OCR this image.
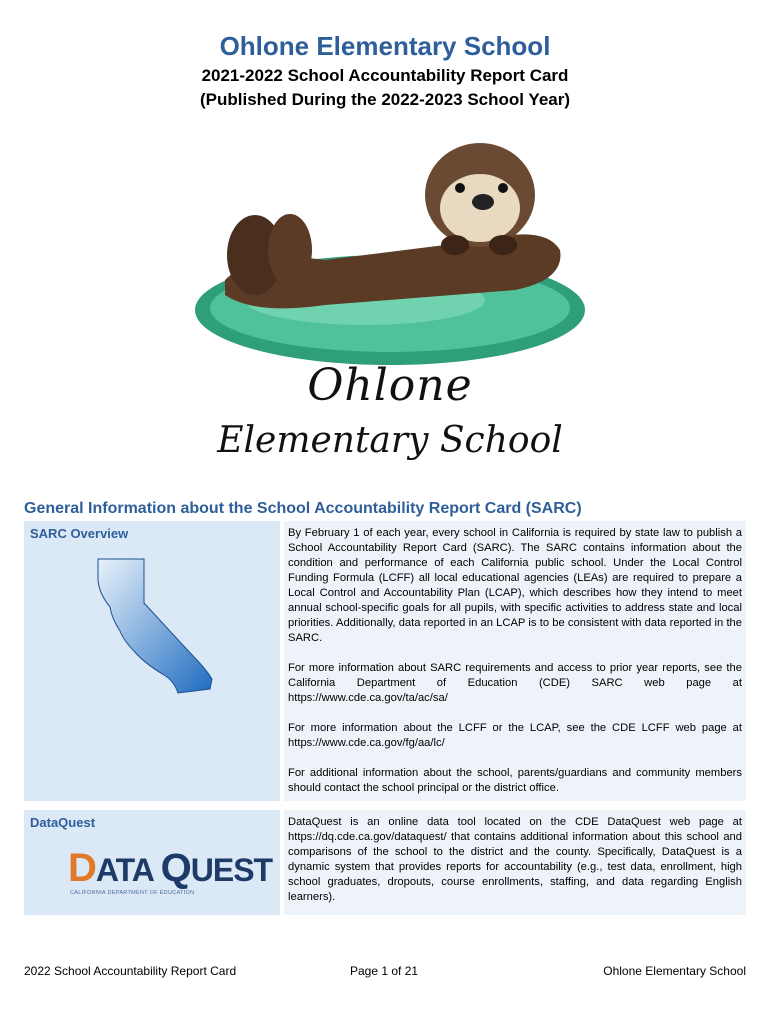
Ohlone Elementary School
2021-2022 School Accountability Report Card
(Published During the 2022-2023 School Year)
Ohlone
Elementary School
General Information about the School Accountability Report Card (SARC)
SARC Overview	By February 1 of each year, every school in California is required by state law to publish a School Accountability Report Card (SARC). The SARC contains information about the condition and performance of each California public school. Under the Local Control Funding Formula (LCFF) all local educational agencies (LEAs) are required to prepare a Local Control and Accountability Plan (LCAP), which describes how they intend to meet annual school-specific goals for all pupils, with specific activities to address state and local priorities. Additionally, data reported in an LCAP is to be consistent with data reported in the SARC.

For more information about SARC requirements and access to prior year reports, see the California Department of Education (CDE) SARC web page at https://www.cde.ca.gov/ta/ac/sa/

For more information about the LCFF or the LCAP, see the CDE LCFF web page at https://www.cde.ca.gov/fg/aa/lc/

For additional information about the school, parents/guardians and community members should contact the school principal or the district office.

DataQuest
DATA QUEST
CALIFORNIA DEPARTMENT OF EDUCATION

DataQuest is an online data tool located on the CDE DataQuest web page at https://dq.cde.ca.gov/dataquest/ that contains additional information about this school and comparisons of the school to the district and the county. Specifically, DataQuest is a dynamic system that provides reports for accountability (e.g., test data, enrollment, high school graduates, dropouts, course enrollments, staffing, and data regarding English learners).

2022 School Accountability Report Card	Page 1 of 21	Ohlone Elementary School
